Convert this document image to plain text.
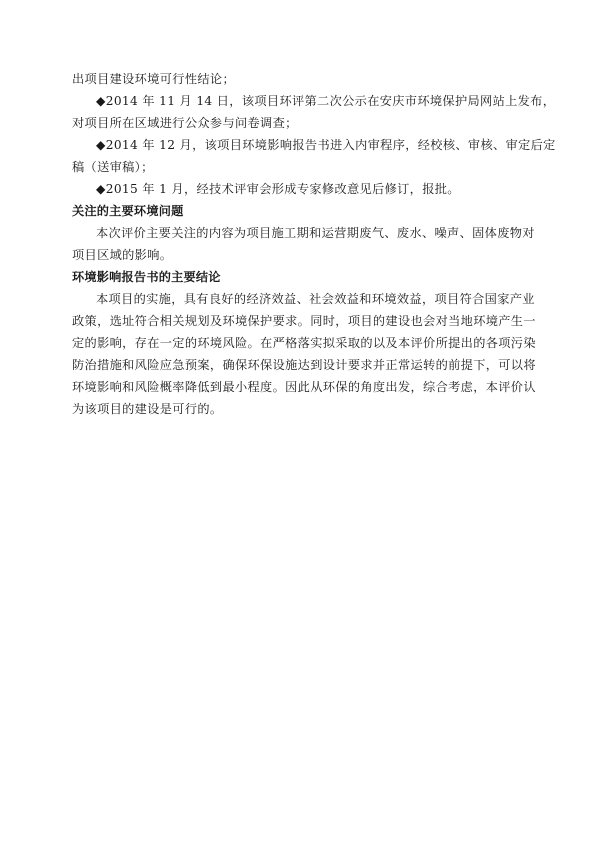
出项目建设环境可行性结论；
◆2014 年 11 月 14 日，该项目环评第二次公示在安庆市环境保护局网站上发布，
对项目所在区域进行公众参与问卷调查；
◆2014 年 12 月，该项目环境影响报告书进入内审程序，经校核、审核、审定后定
稿（送审稿）；
◆2015 年 1 月，经技术评审会形成专家修改意见后修订，报批。
关注的主要环境问题
本次评价主要关注的内容为项目施工期和运营期废气、废水、噪声、固体废物对
项目区域的影响。
环境影响报告书的主要结论
本项目的实施，具有良好的经济效益、社会效益和环境效益，项目符合国家产业
政策，选址符合相关规划及环境保护要求。同时，项目的建设也会对当地环境产生一
定的影响，存在一定的环境风险。在严格落实拟采取的以及本评价所提出的各项污染
防治措施和风险应急预案，确保环保设施达到设计要求并正常运转的前提下，可以将
环境影响和风险概率降低到最小程度。因此从环保的角度出发，综合考虑，本评价认
为该项目的建设是可行的。
